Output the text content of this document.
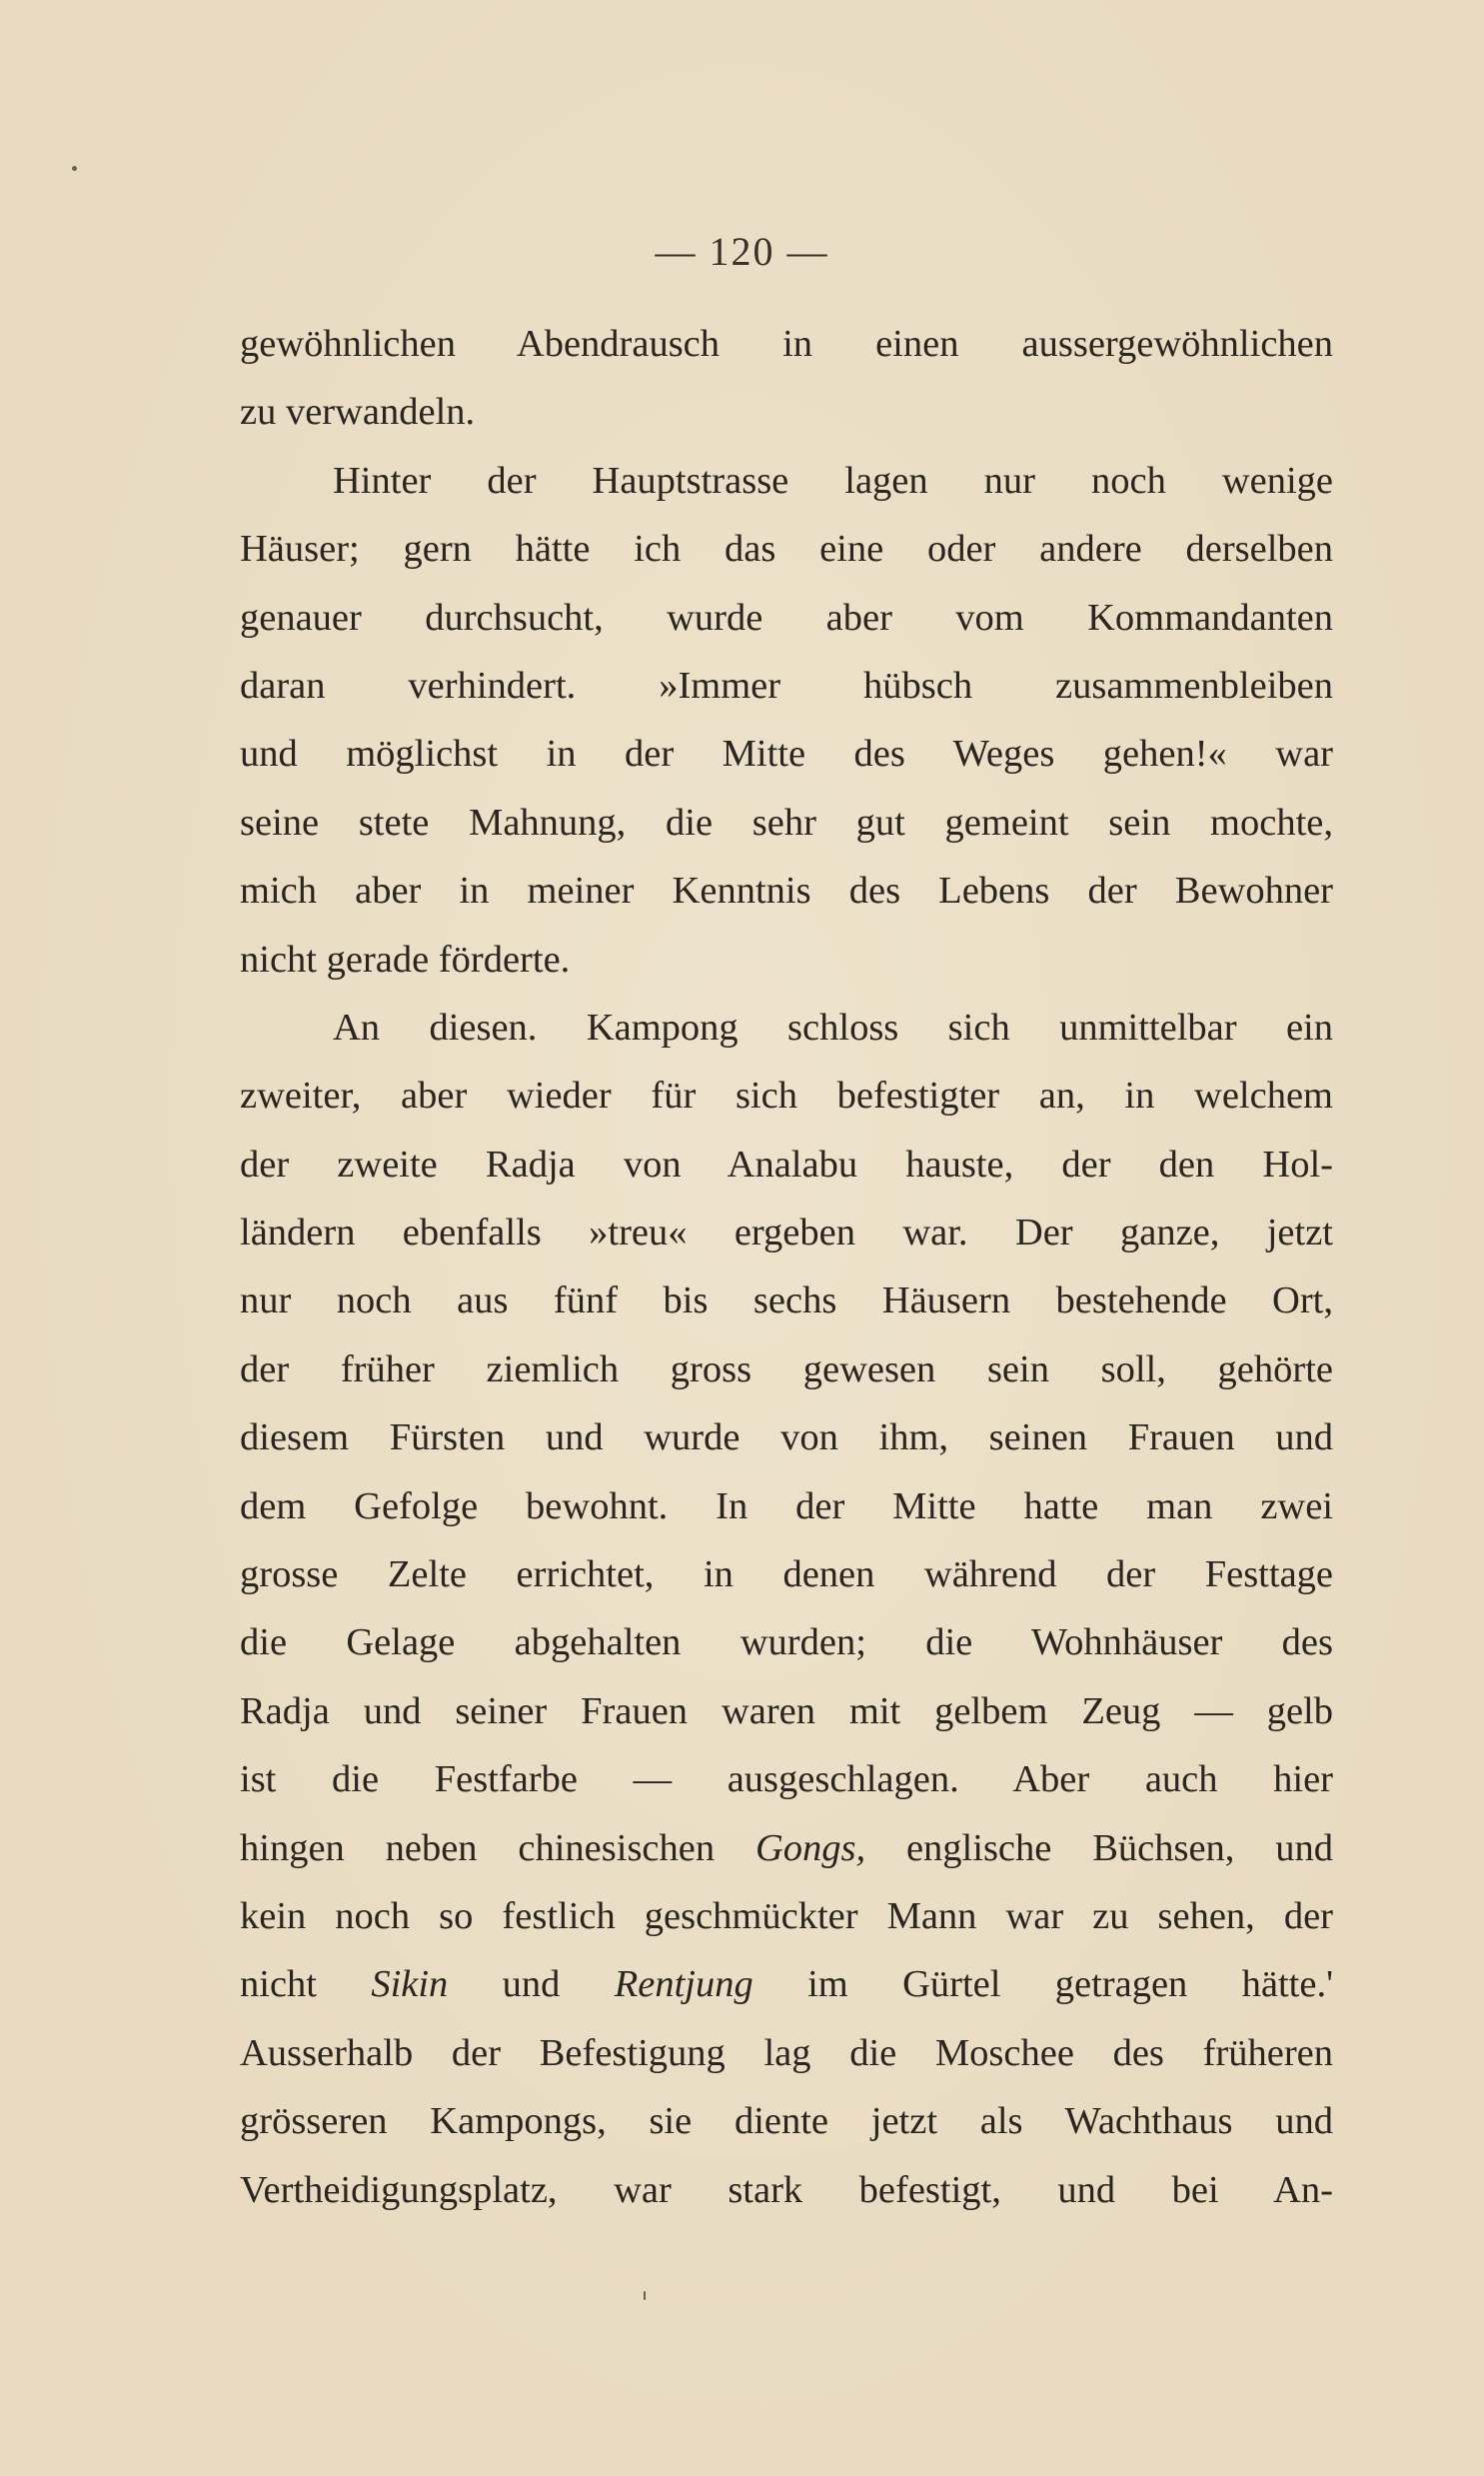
— 120 —
gewöhnlichen Abendrausch in einen aussergewöhnlichen
zu verwandeln.
Hinter der Hauptstrasse lagen nur noch wenige
Häuser; gern hätte ich das eine oder andere derselben
genauer durchsucht, wurde aber vom Kommandanten
daran verhindert. »Immer hübsch zusammenbleiben
und möglichst in der Mitte des Weges gehen!« war
seine stete Mahnung, die sehr gut gemeint sein mochte,
mich aber in meiner Kenntnis des Lebens der Bewohner
nicht gerade förderte.
An diesen. Kampong schloss sich unmittelbar ein
zweiter, aber wieder für sich befestigter an, in welchem
der zweite Radja von Analabu hauste, der den Hol-
ländern ebenfalls »treu« ergeben war. Der ganze, jetzt
nur noch aus fünf bis sechs Häusern bestehende Ort,
der früher ziemlich gross gewesen sein soll, gehörte
diesem Fürsten und wurde von ihm, seinen Frauen und
dem Gefolge bewohnt. In der Mitte hatte man zwei
grosse Zelte errichtet, in denen während der Festtage
die Gelage abgehalten wurden; die Wohnhäuser des
Radja und seiner Frauen waren mit gelbem Zeug — gelb
ist die Festfarbe — ausgeschlagen. Aber auch hier
hingen neben chinesischen Gongs, englische Büchsen, und
kein noch so festlich geschmückter Mann war zu sehen, der
nicht Sikin und Rentjung im Gürtel getragen hätte.'
Ausserhalb der Befestigung lag die Moschee des früheren
grösseren Kampongs, sie diente jetzt als Wachthaus und
Vertheidigungsplatz, war stark befestigt, und bei An-
